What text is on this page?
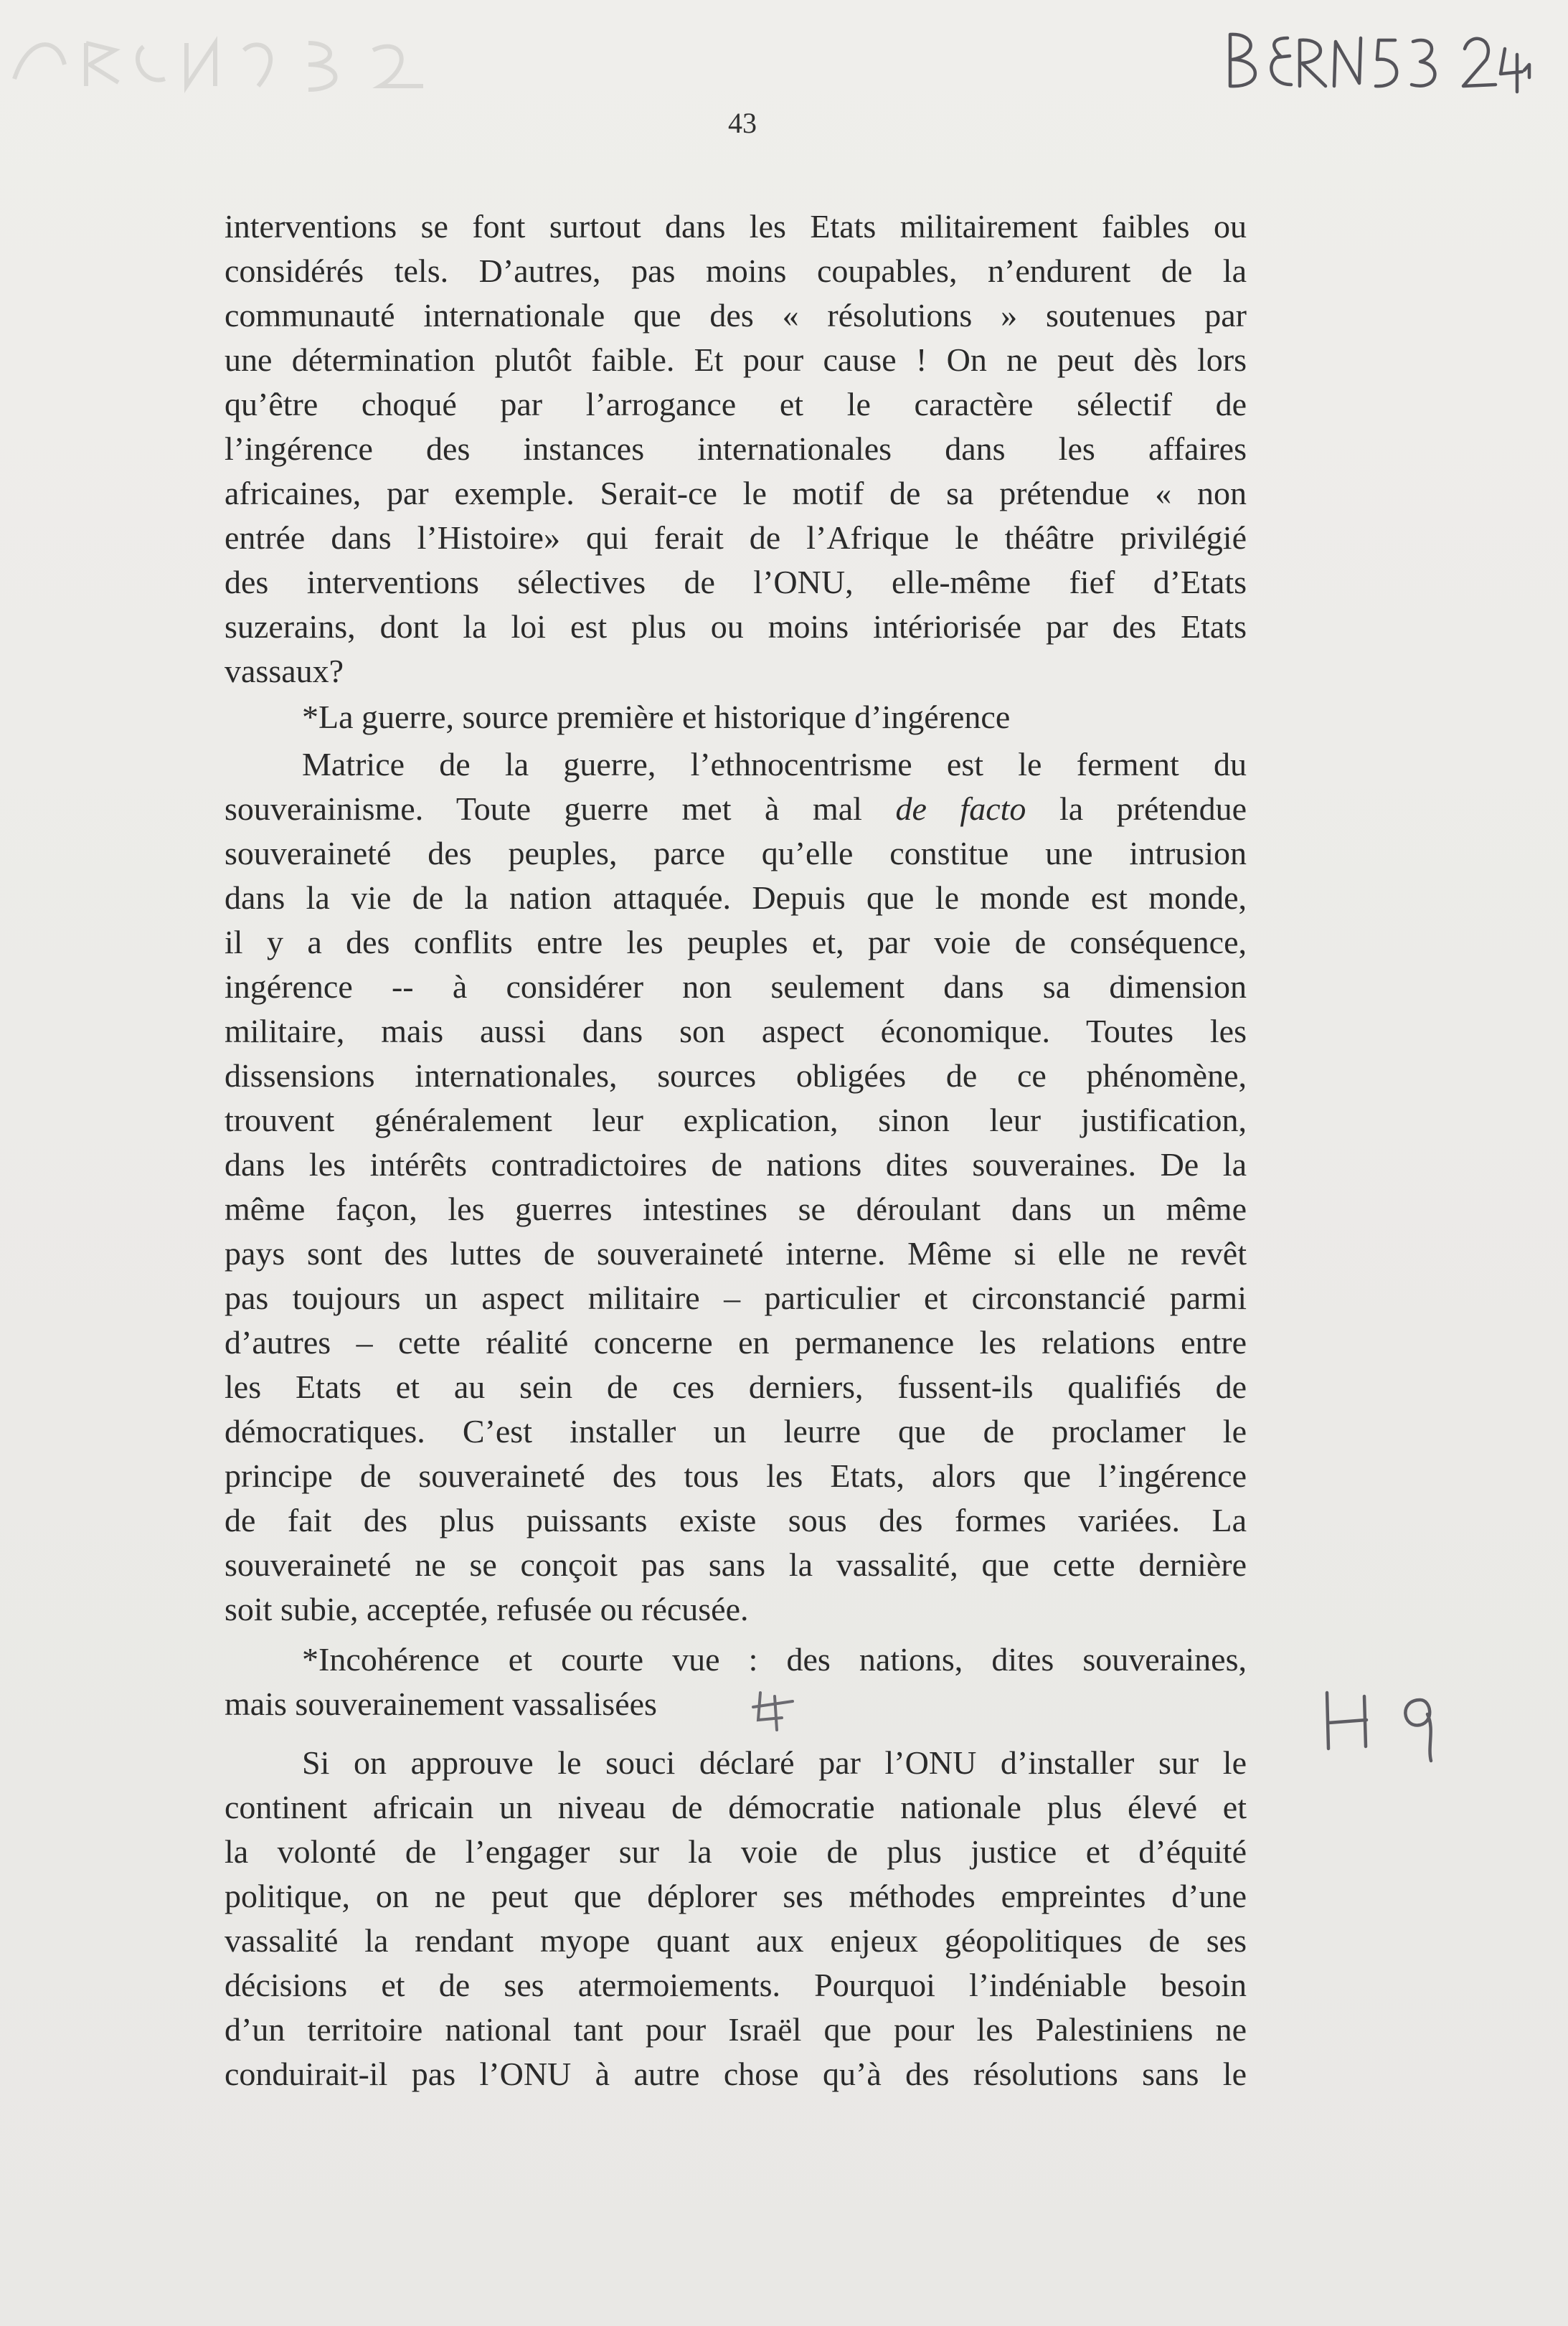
43
interventions se font surtout dans les Etats militairement faibles ou
considérés tels. D’autres, pas moins coupables, n’endurent de la
communauté internationale que des « résolutions » soutenues par
une détermination plutôt faible. Et pour cause ! On ne peut dès lors
qu’être choqué par l’arrogance et le caractère sélectif de
l’ingérence des instances internationales dans les affaires
africaines, par exemple. Serait-ce le motif de sa prétendue « non
entrée dans l’Histoire» qui ferait de l’Afrique le théâtre privilégié
des interventions sélectives de l’ONU, elle-même fief d’Etats
suzerains, dont la loi est plus ou moins intériorisée par des Etats
vassaux?
*La guerre, source première et historique d’ingérence
Matrice de la guerre, l’ethnocentrisme est le ferment du
souverainisme. Toute guerre met à mal de facto la prétendue
souveraineté des peuples, parce qu’elle constitue une intrusion
dans la vie de la nation attaquée. Depuis que le monde est monde,
il y a des conflits entre les peuples et, par voie de conséquence,
ingérence -- à considérer non seulement dans sa dimension
militaire, mais aussi dans son aspect économique. Toutes les
dissensions internationales, sources obligées de ce phénomène,
trouvent généralement leur explication, sinon leur justification,
dans les intérêts contradictoires de nations dites souveraines. De la
même façon, les guerres intestines se déroulant dans un même
pays sont des luttes de souveraineté interne. Même si elle ne revêt
pas toujours un aspect militaire – particulier et circonstancié parmi
d’autres – cette réalité concerne en permanence les relations entre
les Etats et au sein de ces derniers, fussent-ils qualifiés de
démocratiques. C’est installer un leurre que de proclamer le
principe de souveraineté des tous les Etats, alors que l’ingérence
de fait des plus puissants existe sous des formes variées. La
souveraineté ne se conçoit pas sans la vassalité, que cette dernière
soit subie, acceptée, refusée ou récusée.
*Incohérence et courte vue : des nations, dites souveraines,
mais souverainement vassalisées
Si on approuve le souci déclaré par l’ONU d’installer sur le
continent africain un niveau de démocratie nationale plus élevé et
la volonté de l’engager sur la voie de plus justice et d’équité
politique, on ne peut que déplorer ses méthodes empreintes d’une
vassalité la rendant myope quant aux enjeux géopolitiques de ses
décisions et de ses atermoiements. Pourquoi l’indéniable besoin
d’un territoire national tant pour Israël que pour les Palestiniens ne
conduirait-il pas l’ONU à autre chose qu’à des résolutions sans le
